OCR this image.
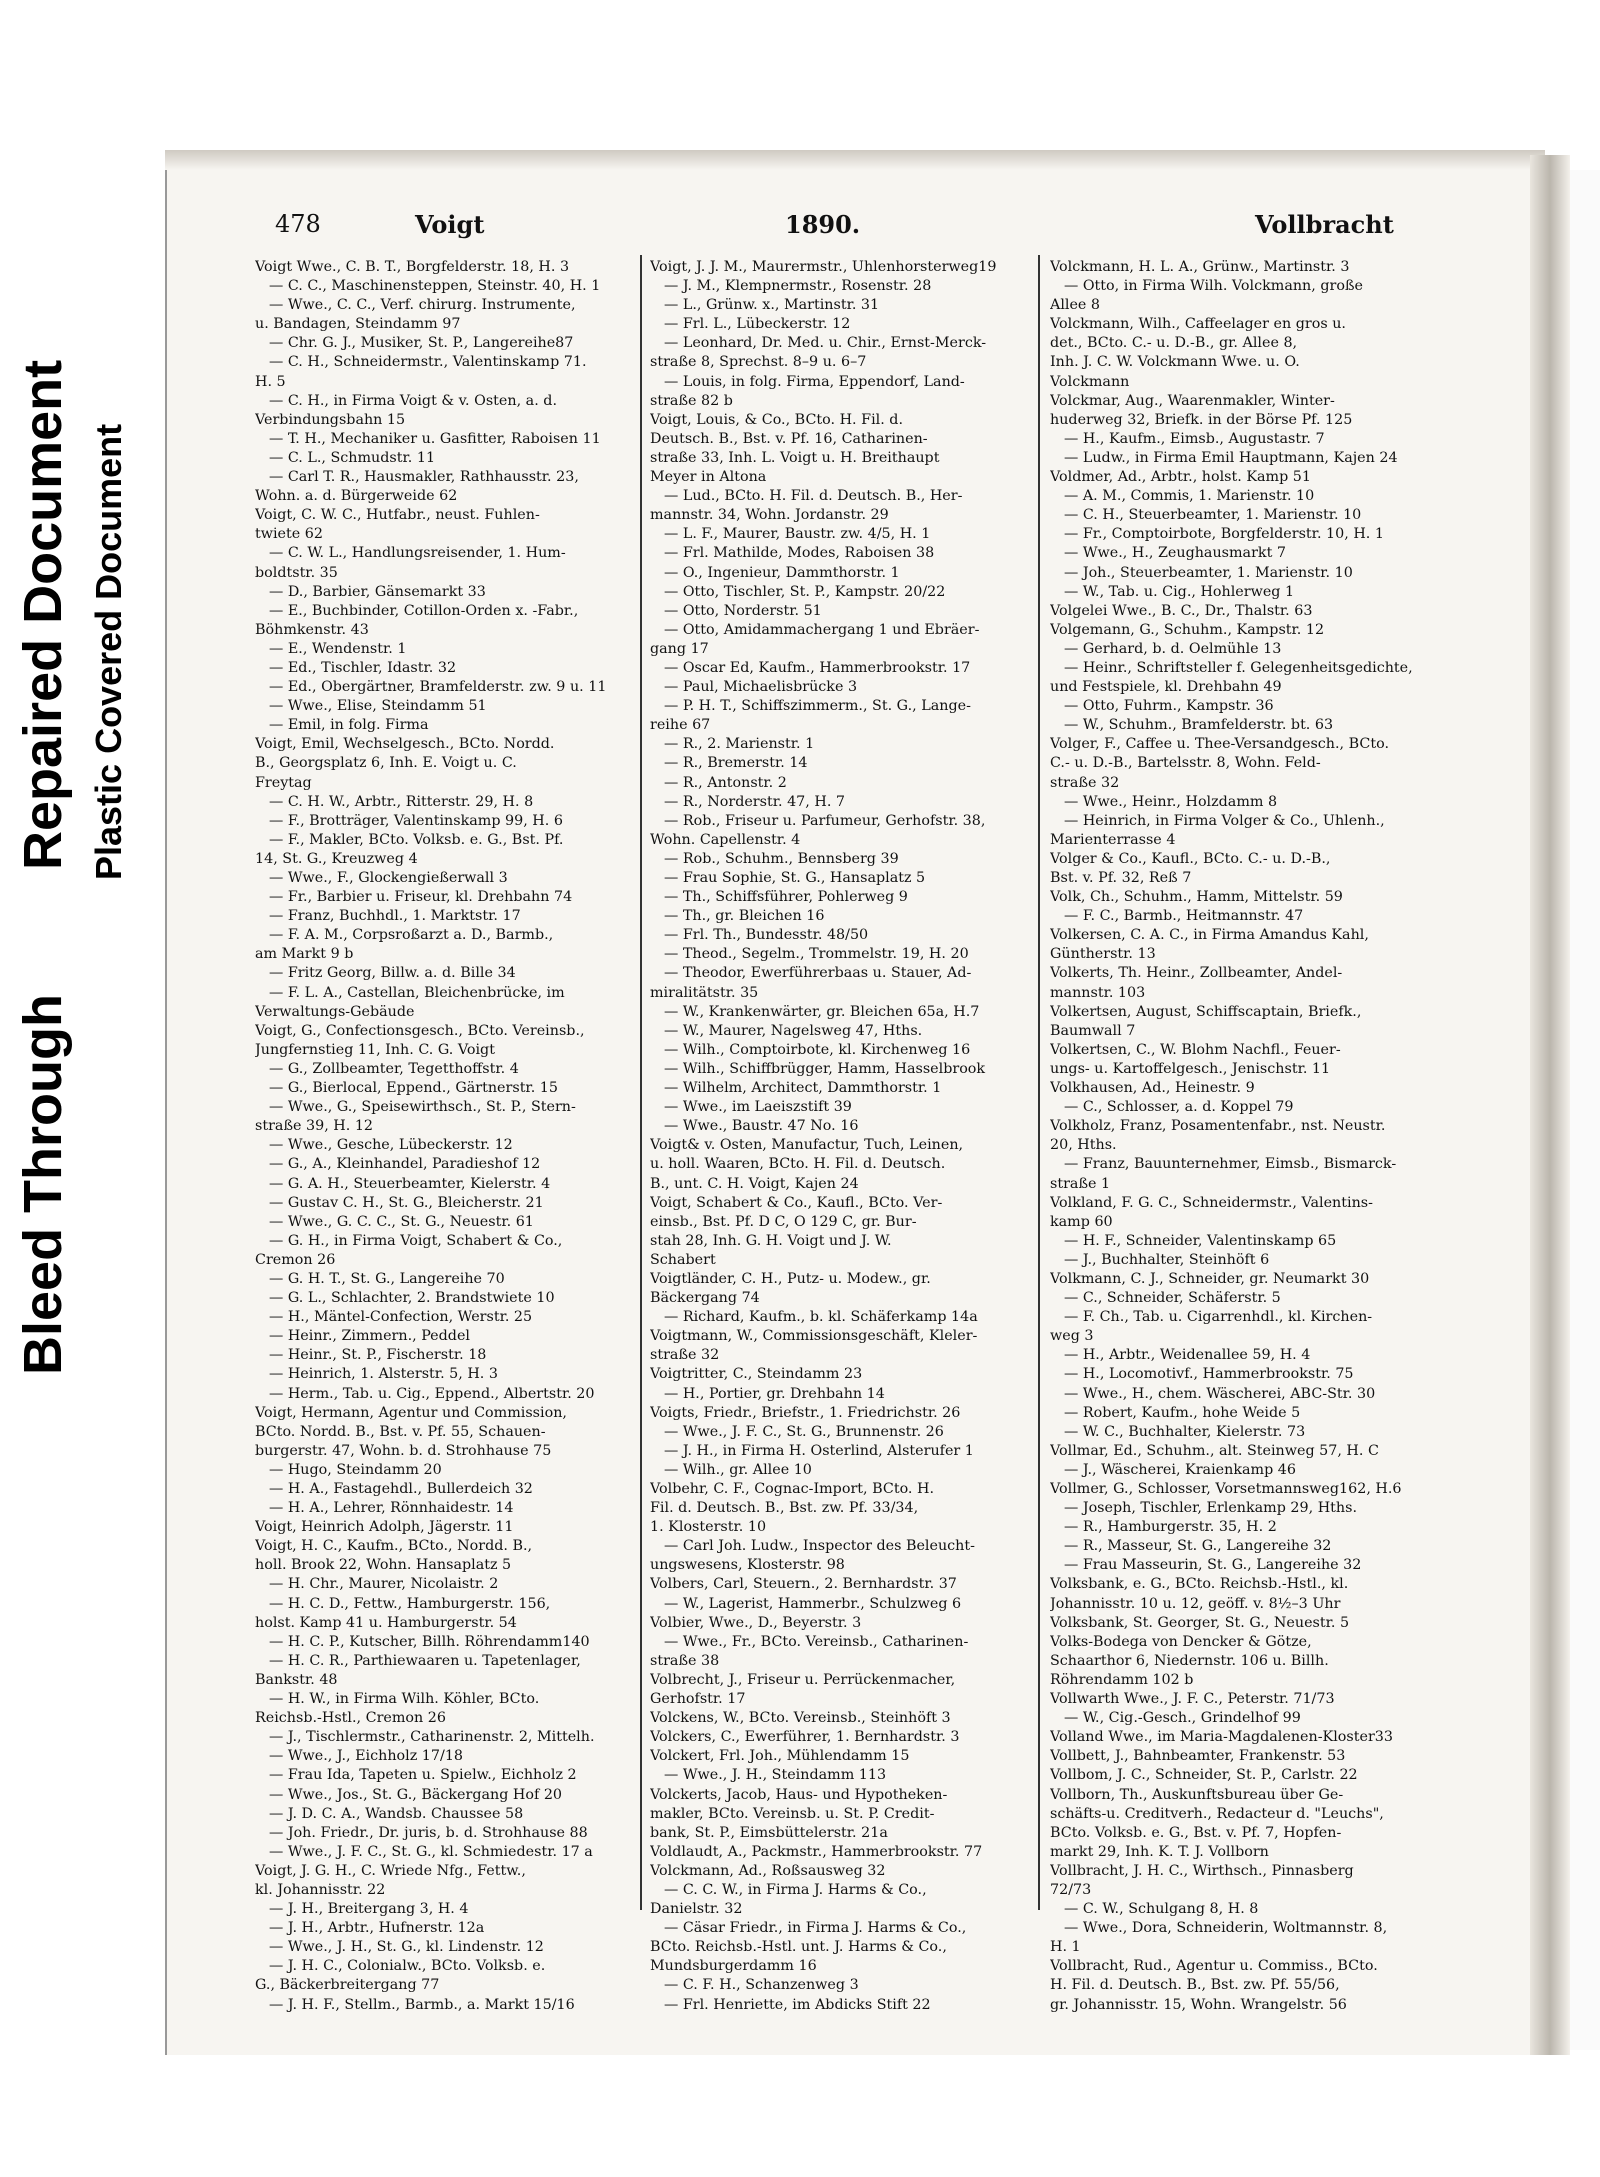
Bleed Through
Repaired Document Plastic Covered Document
478	Voigt	1890.	Vollbracht
Voigt Wwe., C. B. T., Borgfelderstr. 18, H. 3
— C. C., Maschinensteppen, Steinstr. 40, H. 1
— Wwe., C. C., Verf. chirurg. Instrumente,
u. Bandagen, Steindamm 97
— Chr. G. J., Musiker, St. P., Langereihe87
— C. H., Schneidermstr., Valentinskamp 71.
H. 5
— C. H., in Firma Voigt & v. Osten, a. d.
Verbindungsbahn 15
— T. H., Mechaniker u. Gasfitter, Raboisen 11
— C. L., Schmudstr. 11
— Carl T. R., Hausmakler, Rathhausstr. 23,
Wohn. a. d. Bürgerweide 62
Voigt, C. W. C., Hutfabr., neust. Fuhlen-
twiete 62
— C. W. L., Handlungsreisender, 1. Hum-
boldtstr. 35
— D., Barbier, Gänsemarkt 33
— E., Buchbinder, Cotillon-Orden x. -Fabr.,
Böhmkenstr. 43
— E., Wendenstr. 1
— Ed., Tischler, Idastr. 32
— Ed., Obergärtner, Bramfelderstr. zw. 9 u. 11
— Wwe., Elise, Steindamm 51
— Emil, in folg. Firma
Voigt, Emil, Wechselgesch., BCto. Nordd.
B., Georgsplatz 6, Inh. E. Voigt u. C.
Freytag
— C. H. W., Arbtr., Ritterstr. 29, H. 8
— F., Brotträger, Valentinskamp 99, H. 6
— F., Makler, BCto. Volksb. e. G., Bst. Pf.
14, St. G., Kreuzweg 4
— Wwe., F., Glockengießerwall 3
— Fr., Barbier u. Friseur, kl. Drehbahn 74
— Franz, Buchhdl., 1. Marktstr. 17
— F. A. M., Corpsroßarzt a. D., Barmb.,
am Markt 9 b
— Fritz Georg, Billw. a. d. Bille 34
— F. L. A., Castellan, Bleichenbrücke, im
Verwaltungs-Gebäude
Voigt, G., Confectionsgesch., BCto. Vereinsb.,
Jungfernstieg 11, Inh. C. G. Voigt
— G., Zollbeamter, Tegetthoffstr. 4
— G., Bierlocal, Eppend., Gärtnerstr. 15
— Wwe., G., Speisewirthsch., St. P., Stern-
straße 39, H. 12
— Wwe., Gesche, Lübeckerstr. 12
— G., A., Kleinhandel, Paradieshof 12
— G. A. H., Steuerbeamter, Kielerstr. 4
— Gustav C. H., St. G., Bleicherstr. 21
— Wwe., G. C. C., St. G., Neuestr. 61
— G. H., in Firma Voigt, Schabert & Co.,
Cremon 26
— G. H. T., St. G., Langereihe 70
— G. L., Schlachter, 2. Brandstwiete 10
— H., Mäntel-Confection, Werstr. 25
— Heinr., Zimmern., Peddel
— Heinr., St. P., Fischerstr. 18
— Heinrich, 1. Alsterstr. 5, H. 3
— Herm., Tab. u. Cig., Eppend., Albertstr. 20
Voigt, Hermann, Agentur und Commission,
BCto. Nordd. B., Bst. v. Pf. 55, Schauen-
burgerstr. 47, Wohn. b. d. Strohhause 75
— Hugo, Steindamm 20
— H. A., Fastagehdl., Bullerdeich 32
— H. A., Lehrer, Rönnhaidestr. 14
Voigt, Heinrich Adolph, Jägerstr. 11
Voigt, H. C., Kaufm., BCto., Nordd. B.,
holl. Brook 22, Wohn. Hansaplatz 5
— H. Chr., Maurer, Nicolaistr. 2
— H. C. D., Fettw., Hamburgerstr. 156,
holst. Kamp 41 u. Hamburgerstr. 54
— H. C. P., Kutscher, Billh. Röhrendamm140
— H. C. R., Parthiewaaren u. Tapetenlager,
Bankstr. 48
— H. W., in Firma Wilh. Köhler, BCto.
Reichsb.-Hstl., Cremon 26
— J., Tischlermstr., Catharinenstr. 2, Mittelh.
— Wwe., J., Eichholz 17/18
— Frau Ida, Tapeten u. Spielw., Eichholz 2
— Wwe., Jos., St. G., Bäckergang Hof 20
— J. D. C. A., Wandsb. Chaussee 58
— Joh. Friedr., Dr. juris, b. d. Strohhause 88
— Wwe., J. F. C., St. G., kl. Schmiedestr. 17 a
Voigt, J. G. H., C. Wriede Nfg., Fettw.,
kl. Johannisstr. 22
— J. H., Breitergang 3, H. 4
— J. H., Arbtr., Hufnerstr. 12a
— Wwe., J. H., St. G., kl. Lindenstr. 12
— J. H. C., Colonialw., BCto. Volksb. e.
G., Bäckerbreitergang 77
— J. H. F., Stellm., Barmb., a. Markt 15/16
Voigt, J. J. M., Maurermstr., Uhlenhorsterweg19
— J. M., Klempnermstr., Rosenstr. 28
— L., Grünw. x., Martinstr. 31
— Frl. L., Lübeckerstr. 12
— Leonhard, Dr. Med. u. Chir., Ernst-Merck-
straße 8, Sprechst. 8–9 u. 6–7
— Louis, in folg. Firma, Eppendorf, Land-
straße 82 b
Voigt, Louis, & Co., BCto. H. Fil. d.
Deutsch. B., Bst. v. Pf. 16, Catharinen-
straße 33, Inh. L. Voigt u. H. Breithaupt
Meyer in Altona
— Lud., BCto. H. Fil. d. Deutsch. B., Her-
mannstr. 34, Wohn. Jordanstr. 29
— L. F., Maurer, Baustr. zw. 4/5, H. 1
— Frl. Mathilde, Modes, Raboisen 38
— O., Ingenieur, Dammthorstr. 1
— Otto, Tischler, St. P., Kampstr. 20/22
— Otto, Norderstr. 51
— Otto, Amidammachergang 1 und Ebräer-
gang 17
— Oscar Ed, Kaufm., Hammerbrookstr. 17
— Paul, Michaelisbrücke 3
— P. H. T., Schiffszimmerm., St. G., Lange-
reihe 67
— R., 2. Marienstr. 1
— R., Bremerstr. 14
— R., Antonstr. 2
— R., Norderstr. 47, H. 7
— Rob., Friseur u. Parfumeur, Gerhofstr. 38,
Wohn. Capellenstr. 4
— Rob., Schuhm., Bennsberg 39
— Frau Sophie, St. G., Hansaplatz 5
— Th., Schiffsführer, Pohlerweg 9
— Th., gr. Bleichen 16
— Frl. Th., Bundesstr. 48/50
— Theod., Segelm., Trommelstr. 19, H. 20
— Theodor, Ewerführerbaas u. Stauer, Ad-
miralitätstr. 35
— W., Krankenwärter, gr. Bleichen 65a, H.7
— W., Maurer, Nagelsweg 47, Hths.
— Wilh., Comptoirbote, kl. Kirchenweg 16
— Wilh., Schiffbrügger, Hamm, Hasselbrook
— Wilhelm, Architect, Dammthorstr. 1
— Wwe., im Laeiszstift 39
— Wwe., Baustr. 47 No. 16
Voigt& v. Osten, Manufactur, Tuch, Leinen,
u. holl. Waaren, BCto. H. Fil. d. Deutsch.
B., unt. C. H. Voigt, Kajen 24
Voigt, Schabert & Co., Kaufl., BCto. Ver-
einsb., Bst. Pf. D C, O 129 C, gr. Bur-
stah 28, Inh. G. H. Voigt und J. W.
Schabert
Voigtländer, C. H., Putz- u. Modew., gr.
Bäckergang 74
— Richard, Kaufm., b. kl. Schäferkamp 14a
Voigtmann, W., Commissionsgeschäft, Kleler-
straße 32
Voigtritter, C., Steindamm 23
— H., Portier, gr. Drehbahn 14
Voigts, Friedr., Briefstr., 1. Friedrichstr. 26
— Wwe., J. F. C., St. G., Brunnenstr. 26
— J. H., in Firma H. Osterlind, Alsterufer 1
— Wilh., gr. Allee 10
Volbehr, C. F., Cognac-Import, BCto. H.
Fil. d. Deutsch. B., Bst. zw. Pf. 33/34,
1. Klosterstr. 10
— Carl Joh. Ludw., Inspector des Beleucht-
ungswesens, Klosterstr. 98
Volbers, Carl, Steuern., 2. Bernhardstr. 37
— W., Lagerist, Hammerbr., Schulzweg 6
Volbier, Wwe., D., Beyerstr. 3
— Wwe., Fr., BCto. Vereinsb., Catharinen-
straße 38
Volbrecht, J., Friseur u. Perrückenmacher,
Gerhofstr. 17
Volckens, W., BCto. Vereinsb., Steinhöft 3
Volckers, C., Ewerführer, 1. Bernhardstr. 3
Volckert, Frl. Joh., Mühlendamm 15
— Wwe., J. H., Steindamm 113
Volckerts, Jacob, Haus- und Hypotheken-
makler, BCto. Vereinsb. u. St. P. Credit-
bank, St. P., Eimsbüttelerstr. 21a
Voldlaudt, A., Packmstr., Hammerbrookstr. 77
Volckmann, Ad., Roßsausweg 32
— C. C. W., in Firma J. Harms & Co.,
Danielstr. 32
— Cäsar Friedr., in Firma J. Harms & Co.,
BCto. Reichsb.-Hstl. unt. J. Harms & Co.,
Mundsburgerdamm 16
— C. F. H., Schanzenweg 3
— Frl. Henriette, im Abdicks Stift 22
Volckmann, H. L. A., Grünw., Martinstr. 3
— Otto, in Firma Wilh. Volckmann, große
Allee 8
Volckmann, Wilh., Caffeelager en gros u.
det., BCto. C.- u. D.-B., gr. Allee 8,
Inh. J. C. W. Volckmann Wwe. u. O.
Volckmann
Volckmar, Aug., Waarenmakler, Winter-
huderweg 32, Briefk. in der Börse Pf. 125
— H., Kaufm., Eimsb., Augustastr. 7
— Ludw., in Firma Emil Hauptmann, Kajen 24
Voldmer, Ad., Arbtr., holst. Kamp 51
— A. M., Commis, 1. Marienstr. 10
— C. H., Steuerbeamter, 1. Marienstr. 10
— Fr., Comptoirbote, Borgfelderstr. 10, H. 1
— Wwe., H., Zeughausmarkt 7
— Joh., Steuerbeamter, 1. Marienstr. 10
— W., Tab. u. Cig., Hohlerweg 1
Volgelei Wwe., B. C., Dr., Thalstr. 63
Volgemann, G., Schuhm., Kampstr. 12
— Gerhard, b. d. Oelmühle 13
— Heinr., Schriftsteller f. Gelegenheitsgedichte,
und Festspiele, kl. Drehbahn 49
— Otto, Fuhrm., Kampstr. 36
— W., Schuhm., Bramfelderstr. bt. 63
Volger, F., Caffee u. Thee-Versandgesch., BCto.
C.- u. D.-B., Bartelsstr. 8, Wohn. Feld-
straße 32
— Wwe., Heinr., Holzdamm 8
— Heinrich, in Firma Volger & Co., Uhlenh.,
Marienterrasse 4
Volger & Co., Kaufl., BCto. C.- u. D.-B.,
Bst. v. Pf. 32, Reß 7
Volk, Ch., Schuhm., Hamm, Mittelstr. 59
— F. C., Barmb., Heitmannstr. 47
Volkersen, C. A. C., in Firma Amandus Kahl,
Güntherstr. 13
Volkerts, Th. Heinr., Zollbeamter, Andel-
mannstr. 103
Volkertsen, August, Schiffscaptain, Briefk.,
Baumwall 7
Volkertsen, C., W. Blohm Nachfl., Feuer-
ungs- u. Kartoffelgesch., Jenischstr. 11
Volkhausen, Ad., Heinestr. 9
— C., Schlosser, a. d. Koppel 79
Volkholz, Franz, Posamentenfabr., nst. Neustr.
20, Hths.
— Franz, Bauunternehmer, Eimsb., Bismarck-
straße 1
Volkland, F. G. C., Schneidermstr., Valentins-
kamp 60
— H. F., Schneider, Valentinskamp 65
— J., Buchhalter, Steinhöft 6
Volkmann, C. J., Schneider, gr. Neumarkt 30
— C., Schneider, Schäferstr. 5
— F. Ch., Tab. u. Cigarrenhdl., kl. Kirchen-
weg 3
— H., Arbtr., Weidenallee 59, H. 4
— H., Locomotivf., Hammerbrookstr. 75
— Wwe., H., chem. Wäscherei, ABC-Str. 30
— Robert, Kaufm., hohe Weide 5
— W. C., Buchhalter, Kielerstr. 73
Vollmar, Ed., Schuhm., alt. Steinweg 57, H. C
— J., Wäscherei, Kraienkamp 46
Vollmer, G., Schlosser, Vorsetmannsweg162, H.6
— Joseph, Tischler, Erlenkamp 29, Hths.
— R., Hamburgerstr. 35, H. 2
— R., Masseur, St. G., Langereihe 32
— Frau Masseurin, St. G., Langereihe 32
Volksbank, e. G., BCto. Reichsb.-Hstl., kl.
Johannisstr. 10 u. 12, geöff. v. 8½–3 Uhr
Volksbank, St. Georger, St. G., Neuestr. 5
Volks-Bodega von Dencker & Götze,
Schaarthor 6, Niedernstr. 106 u. Billh.
Röhrendamm 102 b
Vollwarth Wwe., J. F. C., Peterstr. 71/73
— W., Cig.-Gesch., Grindelhof 99
Volland Wwe., im Maria-Magdalenen-Kloster33
Vollbett, J., Bahnbeamter, Frankenstr. 53
Vollbom, J. C., Schneider, St. P., Carlstr. 22
Vollborn, Th., Auskunftsbureau über Ge-
schäfts-u. Creditverh., Redacteur d. "Leuchs",
BCto. Volksb. e. G., Bst. v. Pf. 7, Hopfen-
markt 29, Inh. K. T. J. Vollborn
Vollbracht, J. H. C., Wirthsch., Pinnasberg
72/73
— C. W., Schulgang 8, H. 8
— Wwe., Dora, Schneiderin, Woltmannstr. 8,
H. 1
Vollbracht, Rud., Agentur u. Commiss., BCto.
H. Fil. d. Deutsch. B., Bst. zw. Pf. 55/56,
gr. Johannisstr. 15, Wohn. Wrangelstr. 56
